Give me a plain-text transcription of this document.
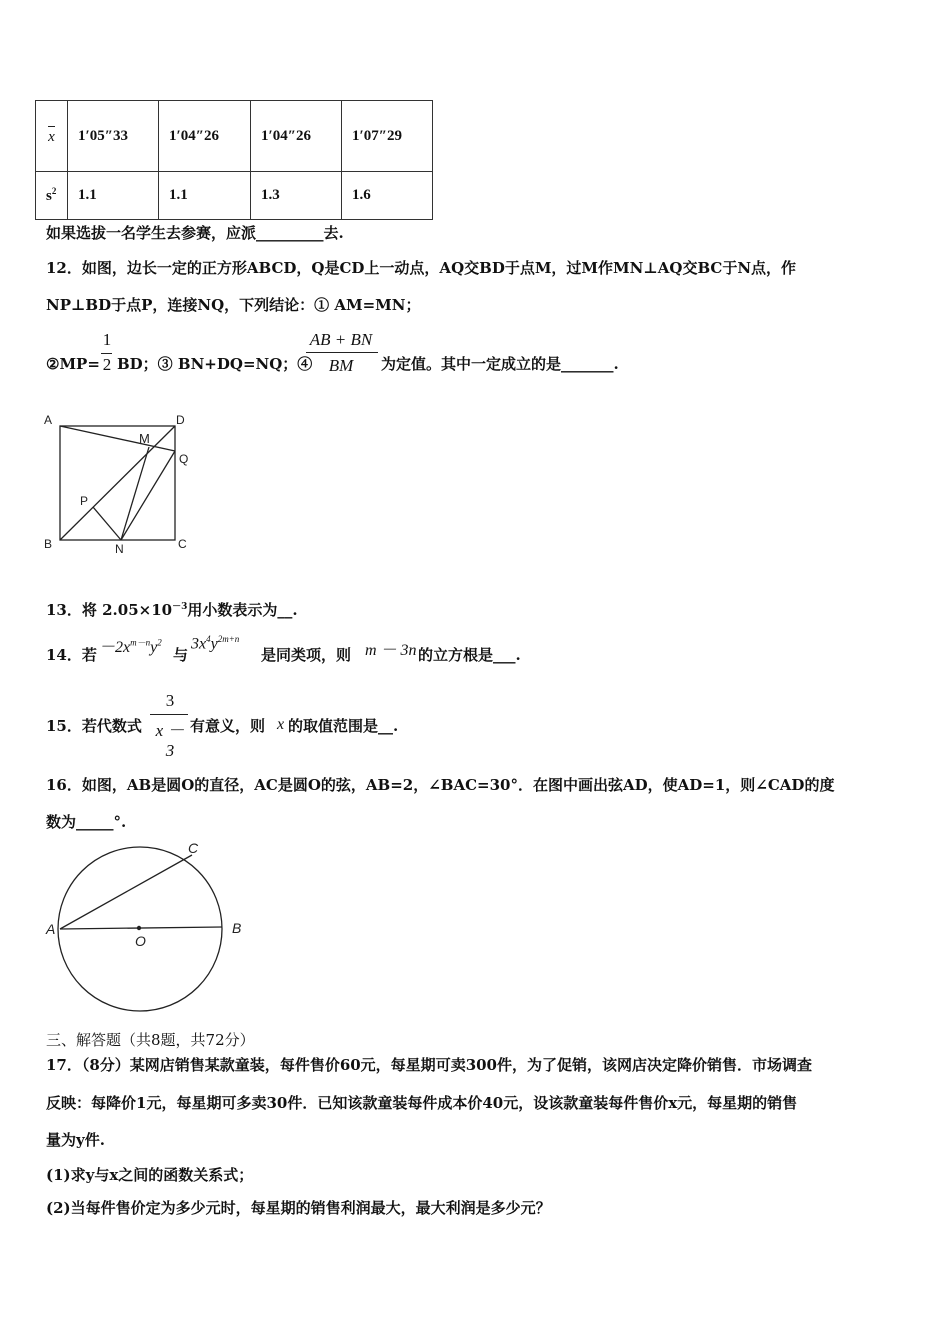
x	1′05″33	1′04″26	1′04″26	1′07″29
$s^2$	1.1	1.1	1.3	1.6
如果选拔一名学生去参赛，应派_________去.
12．如图，边长一定的正方形ABCD，Q是CD上一动点，AQ交BD于点M，过M作MN⊥AQ交BC于N点，作
NP⊥BD于点P，连接NQ，下列结论：① AM=MN；
②MP=
1
2 BD；③ BN+DQ=NQ；④
AB + BN
BM	为定值。其中一定成立的是_______.
A	D
M
Q
P
B	N	C
13．将 $2.05\times 10^{-3}$用小数表示为__.
14．若 $-2x^{m-n}y^2$
与
$3x^4y^{2m+n}$
是同类项，则 m － 3n 的立方根是___.
15．若代数式
3
x － 3
有意义，则 x 的取值范围是__.
16．如图，AB是圆O的直径，AC是圆O的弦，AB=2，∠BAC=30°．在图中画出弦AD，使AD=1，则∠CAD的度
数为_____°.
A	B
C
O
三、解答题（共8题，共72分）
17．（8分）某网店销售某款童装，每件售价60元，每星期可卖300件，为了促销，该网店决定降价销售．市场调查
反映：每降价1元，每星期可多卖30件．已知该款童装每件成本价40元，设该款童装每件售价x元，每星期的销售
量为y件.
(1)求y与x之间的函数关系式；
(2)当每件售价定为多少元时，每星期的销售利润最大，最大利润是多少元？
